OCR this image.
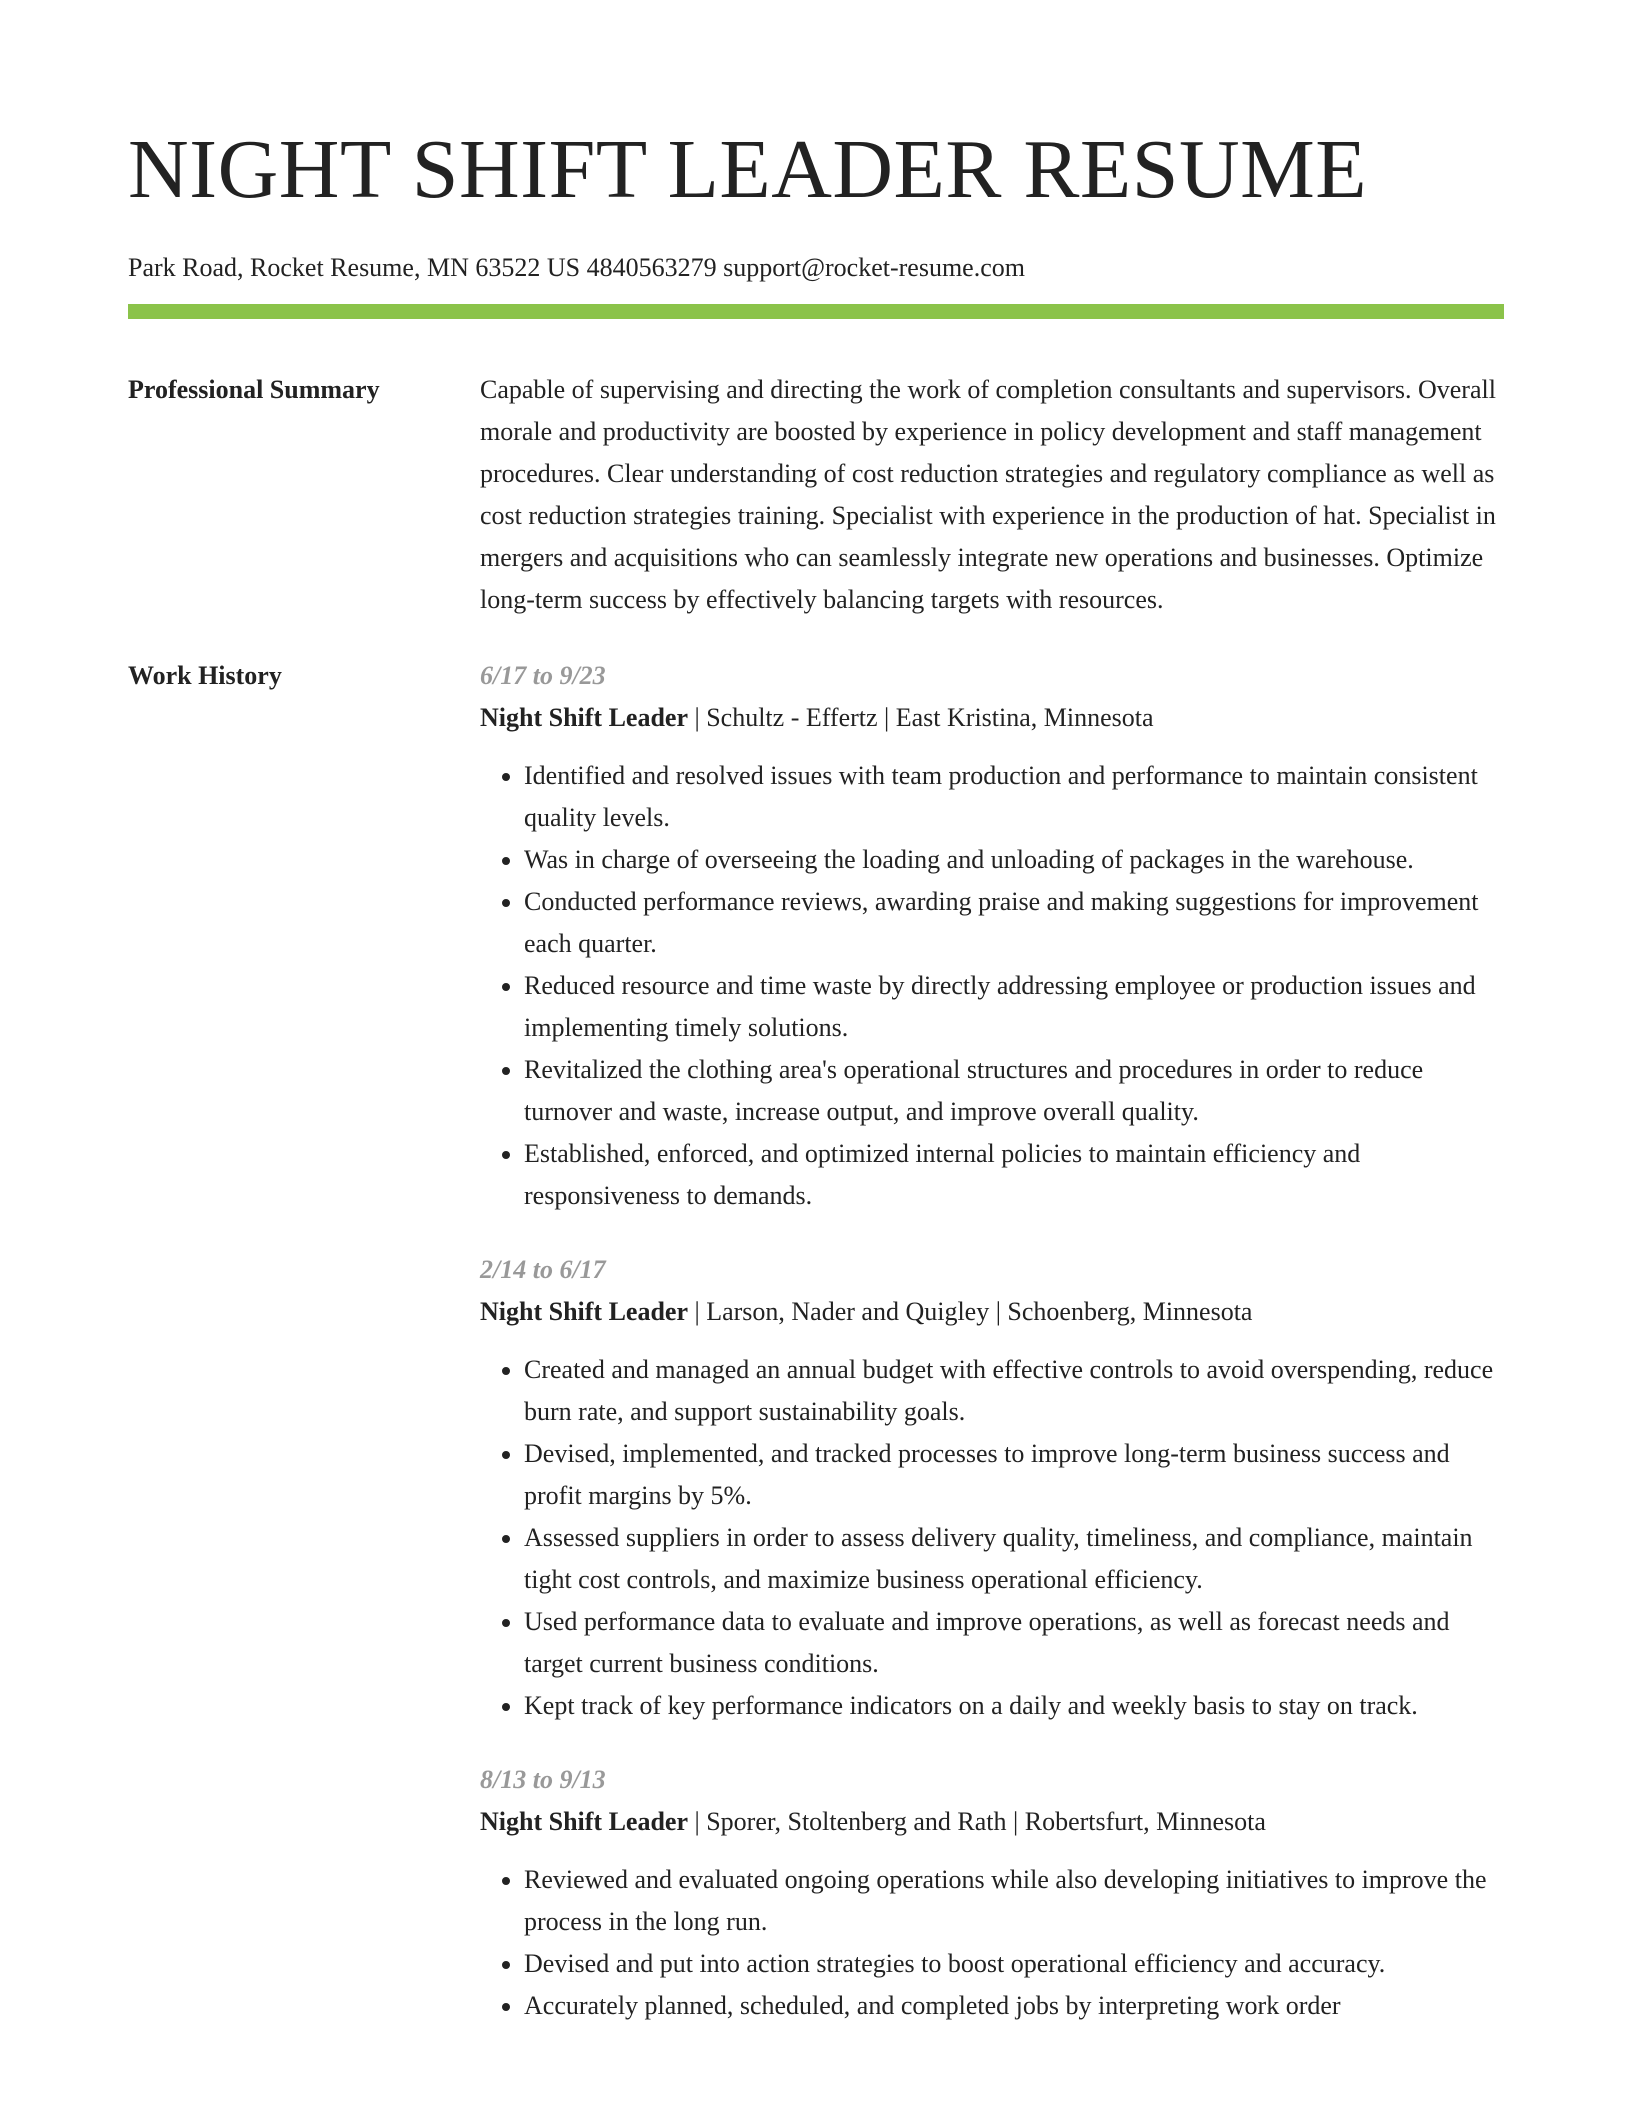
NIGHT SHIFT LEADER RESUME
Park Road, Rocket Resume, MN 63522 US 4840563279 support@rocket-resume.com
Professional Summary	Capable of supervising and directing the work of completion consultants and supervisors. Overall morale and productivity are boosted by experience in policy development and staff management procedures. Clear understanding of cost reduction strategies and regulatory compliance as well as cost reduction strategies training. Specialist with experience in the production of hat. Specialist in mergers and acquisitions who can seamlessly integrate new operations and businesses. Optimize long-term success by effectively balancing targets with resources.

Work History	6/17 to 9/23
Night Shift Leader | Schultz - Effertz | East Kristina, Minnesota
• Identified and resolved issues with team production and performance to maintain consistent quality levels.
• Was in charge of overseeing the loading and unloading of packages in the warehouse.
• Conducted performance reviews, awarding praise and making suggestions for improvement each quarter.
• Reduced resource and time waste by directly addressing employee or production issues and implementing timely solutions.
• Revitalized the clothing area's operational structures and procedures in order to reduce turnover and waste, increase output, and improve overall quality.
• Established, enforced, and optimized internal policies to maintain efficiency and responsiveness to demands.
2/14 to 6/17
Night Shift Leader | Larson, Nader and Quigley | Schoenberg, Minnesota
• Created and managed an annual budget with effective controls to avoid overspending, reduce burn rate, and support sustainability goals.
• Devised, implemented, and tracked processes to improve long-term business success and profit margins by 5%.
• Assessed suppliers in order to assess delivery quality, timeliness, and compliance, maintain tight cost controls, and maximize business operational efficiency.
• Used performance data to evaluate and improve operations, as well as forecast needs and target current business conditions.
• Kept track of key performance indicators on a daily and weekly basis to stay on track.
8/13 to 9/13
Night Shift Leader | Sporer, Stoltenberg and Rath | Robertsfurt, Minnesota
• Reviewed and evaluated ongoing operations while also developing initiatives to improve the process in the long run.
• Devised and put into action strategies to boost operational efficiency and accuracy.
• Accurately planned, scheduled, and completed jobs by interpreting work order
